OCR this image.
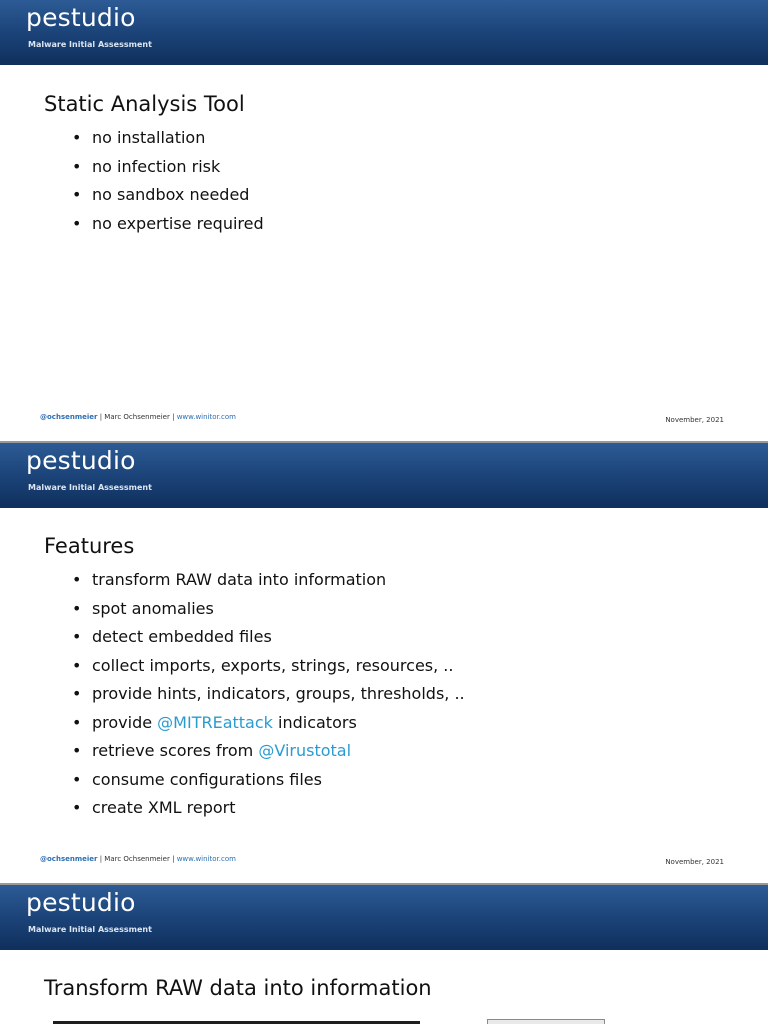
pestudio
Malware Initial Assessment
Static Analysis Tool
• no installation
• no infection risk
• no sandbox needed
• no expertise required
@ochsenmeier | Marc Ochsenmeier | www.winitor.com	November, 2021
pestudio
Malware Initial Assessment
Features
• transform RAW data into information
• spot anomalies
• detect embedded files
• collect imports, exports, strings, resources, ..
• provide hints, indicators, groups, thresholds, ..
• provide @MITREattack indicators
• retrieve scores from @Virustotal
• consume configurations files
• create XML report
@ochsenmeier | Marc Ochsenmeier | www.winitor.com	November, 2021
pestudio
Malware Initial Assessment
Transform RAW data into information
